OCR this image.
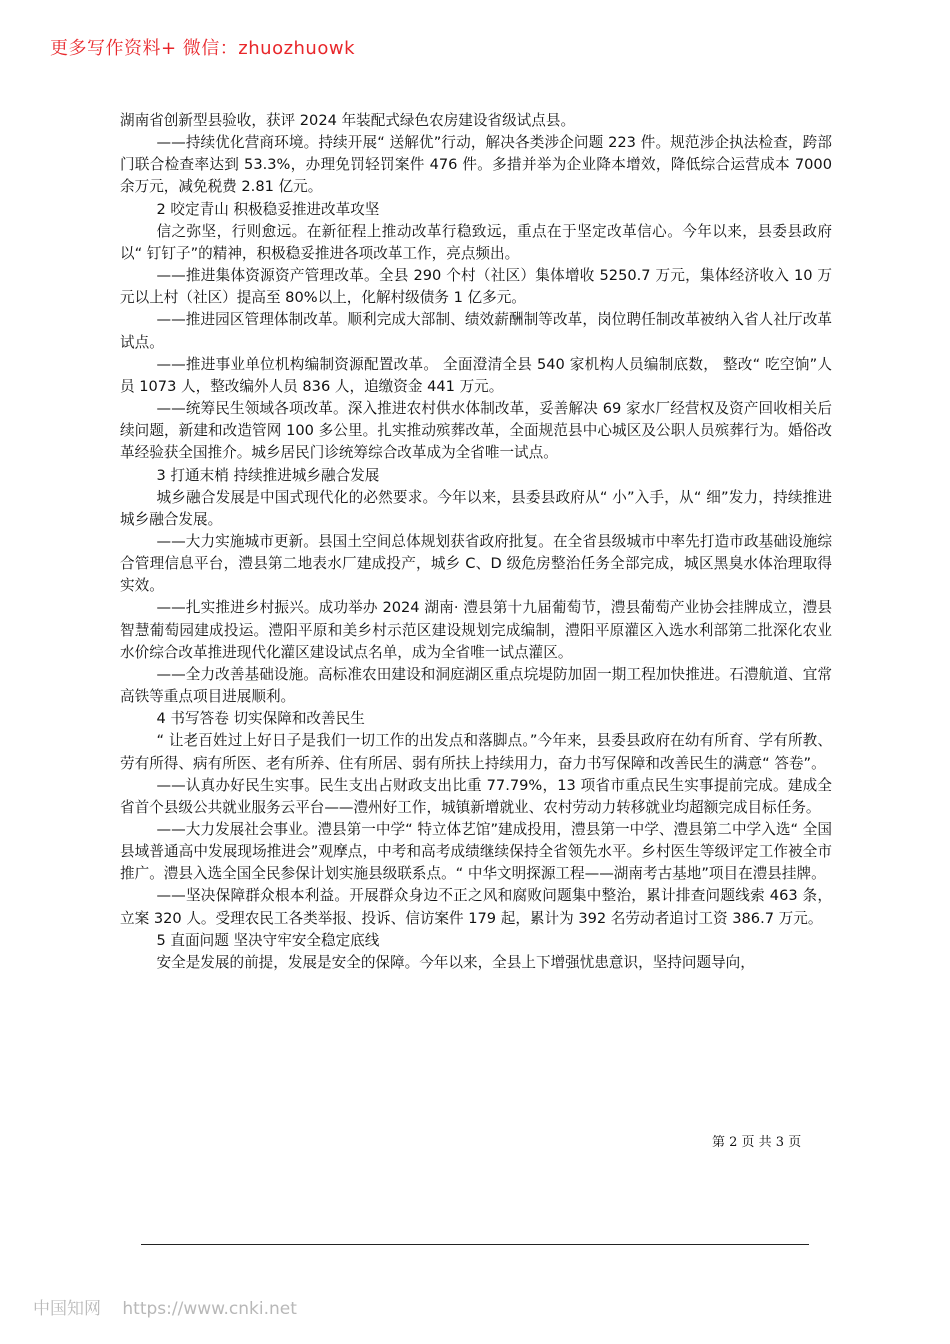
更多写作资料+ 微信：zhuozhuowk

湖南省创新型县验收，获评 2024 年装配式绿色农房建设省级试点县。

——持续优化营商环境。持续开展“ 送解优”行动，解决各类涉企问题 223 件。规范涉企执法检查，跨部门联合检查率达到 53.3%，办理免罚轻罚案件 476 件。多措并举为企业降本增效，降低综合运营成本 7000 余万元，减免税费 2.81 亿元。

2 咬定青山 积极稳妥推进改革攻坚

信之弥坚，行则愈远。在新征程上推动改革行稳致远，重点在于坚定改革信心。今年以来，县委县政府以“ 钉钉子”的精神，积极稳妥推进各项改革工作，亮点频出。

——推进集体资源资产管理改革。全县 290 个村（社区）集体增收 5250.7 万元，集体经济收入 10 万元以上村（社区）提高至 80%以上，化解村级债务 1 亿多元。

——推进园区管理体制改革。顺利完成大部制、绩效薪酬制等改革，岗位聘任制改革被纳入省人社厅改革试点。

——推进事业单位机构编制资源配置改革。 全面澄清全县 540 家机构人员编制底数， 整改“ 吃空饷”人员 1073 人，整改编外人员 836 人，追缴资金 441 万元。

——统筹民生领域各项改革。深入推进农村供水体制改革，妥善解决 69 家水厂经营权及资产回收相关后续问题，新建和改造管网 100 多公里。扎实推动殡葬改革，全面规范县中心城区及公职人员殡葬行为。婚俗改革经验获全国推介。城乡居民门诊统筹综合改革成为全省唯一试点。

3 打通末梢 持续推进城乡融合发展

城乡融合发展是中国式现代化的必然要求。今年以来，县委县政府从“ 小”入手，从“ 细”发力，持续推进城乡融合发展。

——大力实施城市更新。县国土空间总体规划获省政府批复。在全省县级城市中率先打造市政基础设施综合管理信息平台，澧县第二地表水厂建成投产，城乡 C、D 级危房整治任务全部完成，城区黑臭水体治理取得实效。

——扎实推进乡村振兴。成功举办 2024 湖南· 澧县第十九届葡萄节，澧县葡萄产业协会挂牌成立，澧县智慧葡萄园建成投运。澧阳平原和美乡村示范区建设规划完成编制，澧阳平原灌区入选水利部第二批深化农业水价综合改革推进现代化灌区建设试点名单，成为全省唯一试点灌区。

——全力改善基础设施。高标准农田建设和洞庭湖区重点垸堤防加固一期工程加快推进。石澧航道、宜常高铁等重点项目进展顺利。

4 书写答卷 切实保障和改善民生

“ 让老百姓过上好日子是我们一切工作的出发点和落脚点。”今年来，县委县政府在幼有所育、学有所教、劳有所得、病有所医、老有所养、住有所居、弱有所扶上持续用力，奋力书写保障和改善民生的满意“ 答卷”。

——认真办好民生实事。民生支出占财政支出比重 77.79%，13 项省市重点民生实事提前完成。建成全省首个县级公共就业服务云平台——澧州好工作，城镇新增就业、农村劳动力转移就业均超额完成目标任务。

——大力发展社会事业。澧县第一中学“ 特立体艺馆”建成投用，澧县第一中学、澧县第二中学入选“ 全国县域普通高中发展现场推进会”观摩点，中考和高考成绩继续保持全省领先水平。乡村医生等级评定工作被全市推广。澧县入选全国全民参保计划实施县级联系点。“ 中华文明探源工程——湖南考古基地”项目在澧县挂牌。

——坚决保障群众根本利益。开展群众身边不正之风和腐败问题集中整治，累计排查问题线索 463 条，立案 320 人。受理农民工各类举报、投诉、信访案件 179 起，累计为 392 名劳动者追讨工资 386.7 万元。

5 直面问题 坚决守牢安全稳定底线

安全是发展的前提，发展是安全的保障。今年以来，全县上下增强忧患意识，坚持问题导向，

第 2 页 共 3 页
中国知网 https://www.cnki.net
